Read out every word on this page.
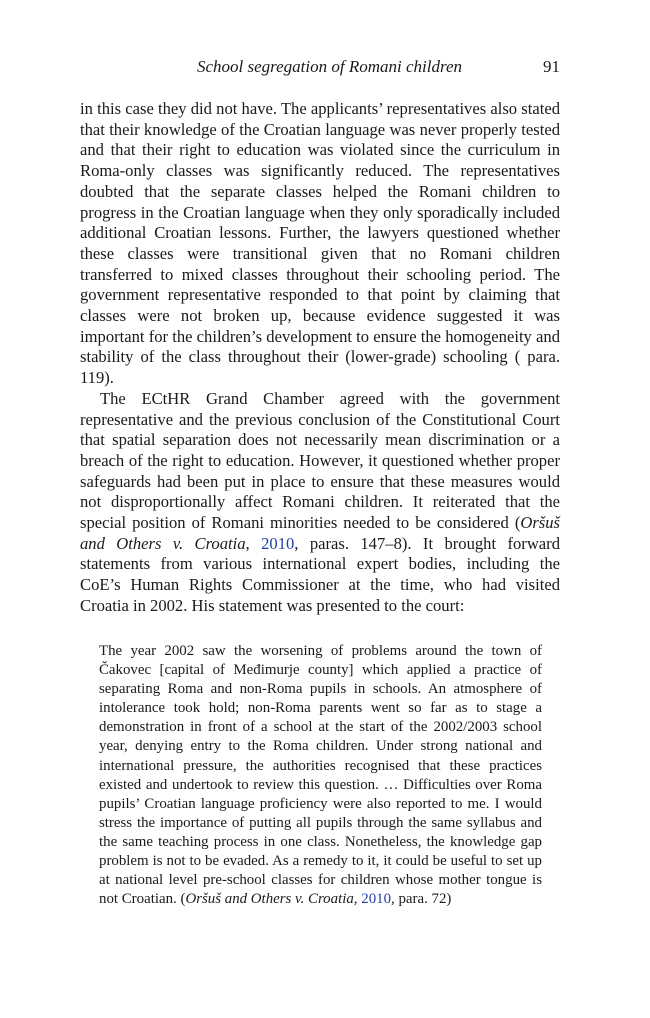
School segregation of Romani children	91

in this case they did not have. The applicants’ representatives also stated that their knowledge of the Croatian language was never properly tested and that their right to education was violated since the curriculum in Roma-only classes was significantly reduced. The representatives doubted that the separate classes helped the Romani children to progress in the Croatian language when they only sporadically included additional Croatian lessons. Further, the lawyers questioned whether these classes were transitional given that no Romani children transferred to mixed classes throughout their schooling period. The government representative responded to that point by claiming that classes were not broken up, because evidence suggested it was important for the children’s development to ensure the homogeneity and stability of the class throughout their (lower-grade) schooling ( para. 119).

The ECtHR Grand Chamber agreed with the government representative and the previous conclusion of the Constitutional Court that spatial separation does not necessarily mean discrimination or a breach of the right to education. However, it questioned whether proper safeguards had been put in place to ensure that these measures would not disproportionally affect Romani children. It reiterated that the special position of Romani minorities needed to be considered (Oršuš and Others v. Croatia, 2010, paras. 147–8). It brought forward statements from various international expert bodies, including the CoE’s Human Rights Commissioner at the time, who had visited Croatia in 2002. His statement was presented to the court:

The year 2002 saw the worsening of problems around the town of Čakovec [capital of Međimurje county] which applied a practice of separating Roma and non-Roma pupils in schools. An atmosphere of intolerance took hold; non-Roma parents went so far as to stage a demonstration in front of a school at the start of the 2002/2003 school year, denying entry to the Roma children. Under strong national and international pressure, the authorities recognised that these practices existed and undertook to review this question. … Difficulties over Roma pupils’ Croatian language proficiency were also reported to me. I would stress the importance of putting all pupils through the same syllabus and the same teaching process in one class. Nonetheless, the knowledge gap problem is not to be evaded. As a remedy to it, it could be useful to set up at national level pre-school classes for children whose mother tongue is not Croatian. (Oršuš and Others v. Croatia, 2010, para. 72)
